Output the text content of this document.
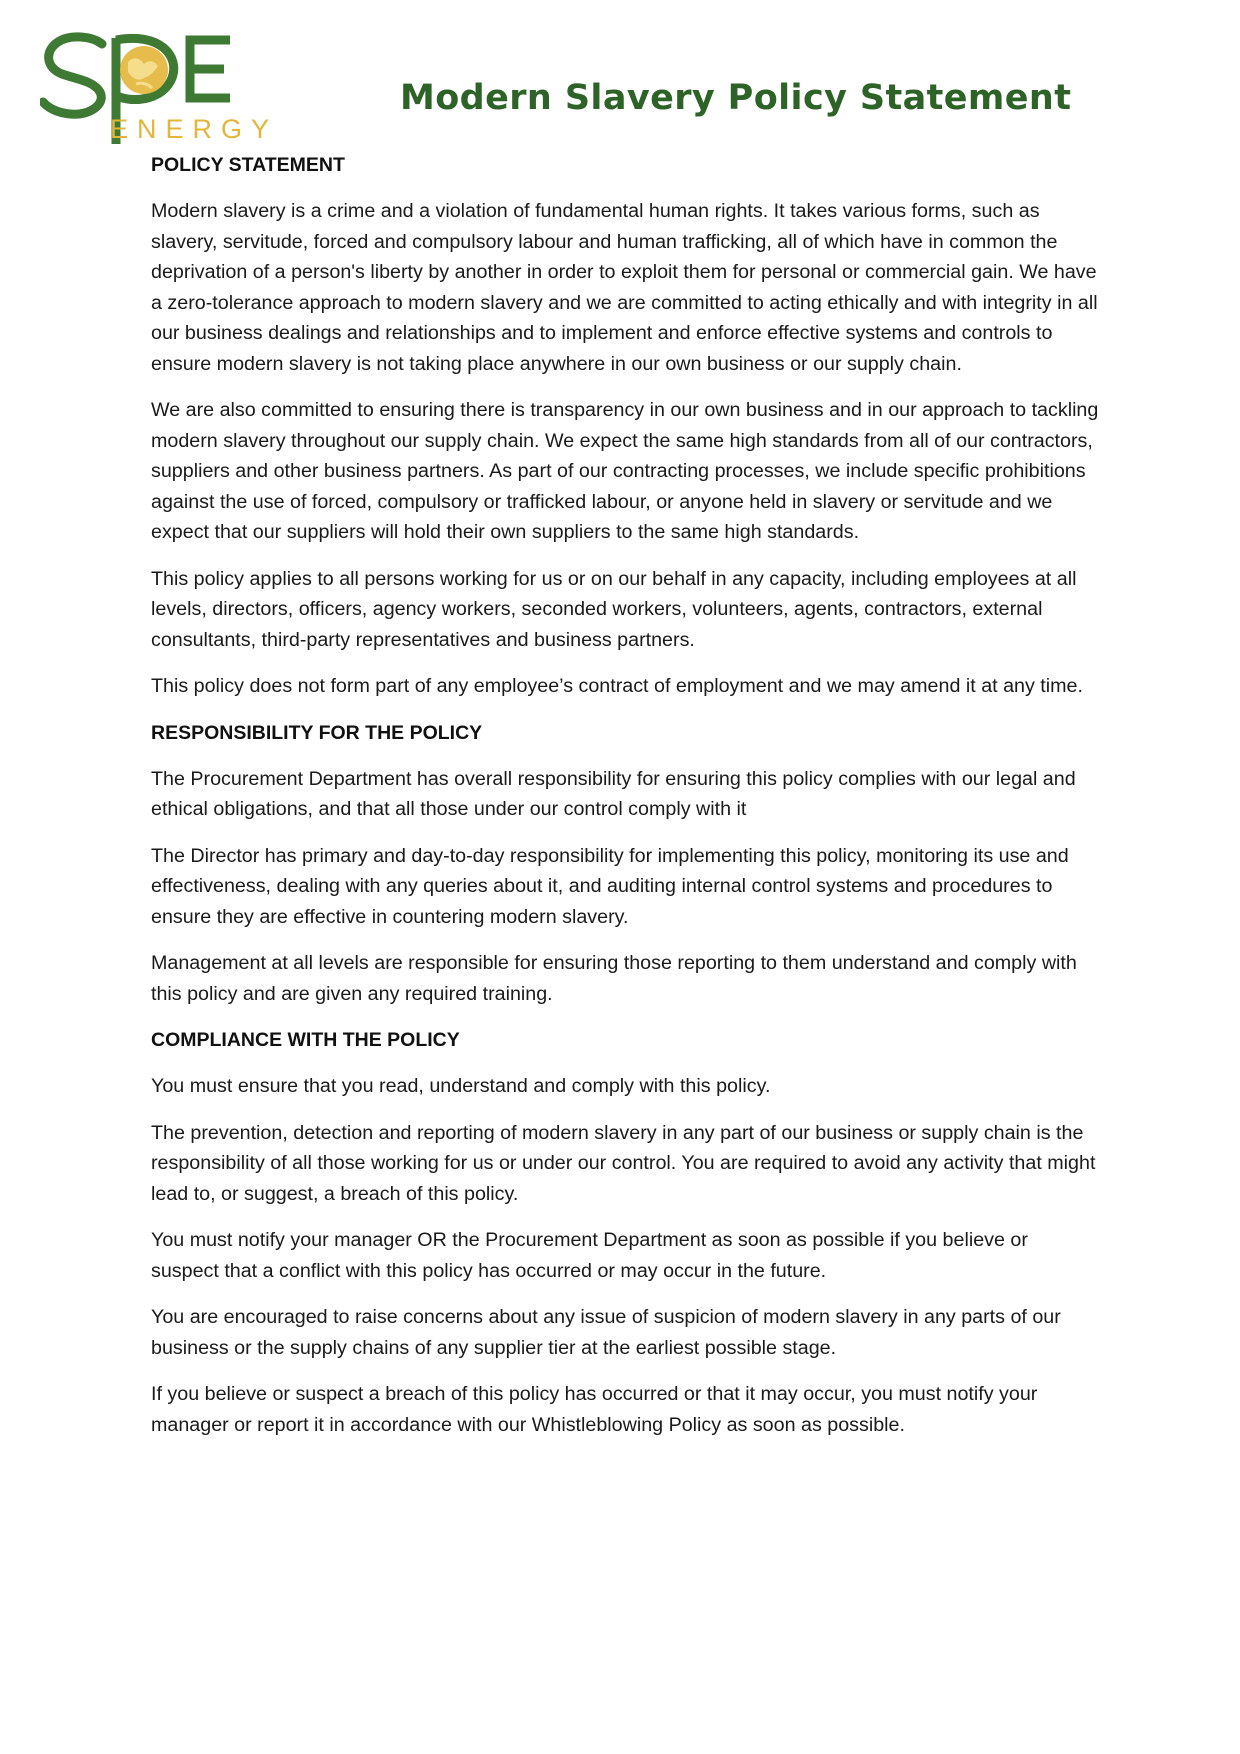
ENERGY
Modern Slavery Policy Statement
POLICY STATEMENT

Modern slavery is a crime and a violation of fundamental human rights. It takes various forms, such as slavery, servitude, forced and compulsory labour and human trafficking, all of which have in common the deprivation of a person's liberty by another in order to exploit them for personal or commercial gain. We have a zero-tolerance approach to modern slavery and we are committed to acting ethically and with integrity in all our business dealings and relationships and to implement and enforce effective systems and controls to ensure modern slavery is not taking place anywhere in our own business or our supply chain.

We are also committed to ensuring there is transparency in our own business and in our approach to tackling modern slavery throughout our supply chain. We expect the same high standards from all of our contractors, suppliers and other business partners. As part of our contracting processes, we include specific prohibitions against the use of forced, compulsory or trafficked labour, or anyone held in slavery or servitude and we expect that our suppliers will hold their own suppliers to the same high standards.

This policy applies to all persons working for us or on our behalf in any capacity, including employees at all levels, directors, officers, agency workers, seconded workers, volunteers, agents, contractors, external consultants, third-party representatives and business partners.

This policy does not form part of any employee’s contract of employment and we may amend it at any time.

RESPONSIBILITY FOR THE POLICY

The Procurement Department has overall responsibility for ensuring this policy complies with our legal and ethical obligations, and that all those under our control comply with it

The Director has primary and day-to-day responsibility for implementing this policy, monitoring its use and effectiveness, dealing with any queries about it, and auditing internal control systems and procedures to ensure they are effective in countering modern slavery.

Management at all levels are responsible for ensuring those reporting to them understand and comply with this policy and are given any required training.

COMPLIANCE WITH THE POLICY

You must ensure that you read, understand and comply with this policy.

The prevention, detection and reporting of modern slavery in any part of our business or supply chain is the responsibility of all those working for us or under our control. You are required to avoid any activity that might lead to, or suggest, a breach of this policy.

You must notify your manager OR the Procurement Department as soon as possible if you believe or suspect that a conflict with this policy has occurred or may occur in the future.

You are encouraged to raise concerns about any issue of suspicion of modern slavery in any parts of our business or the supply chains of any supplier tier at the earliest possible stage.

If you believe or suspect a breach of this policy has occurred or that it may occur, you must notify your manager or report it in accordance with our Whistleblowing Policy as soon as possible.
